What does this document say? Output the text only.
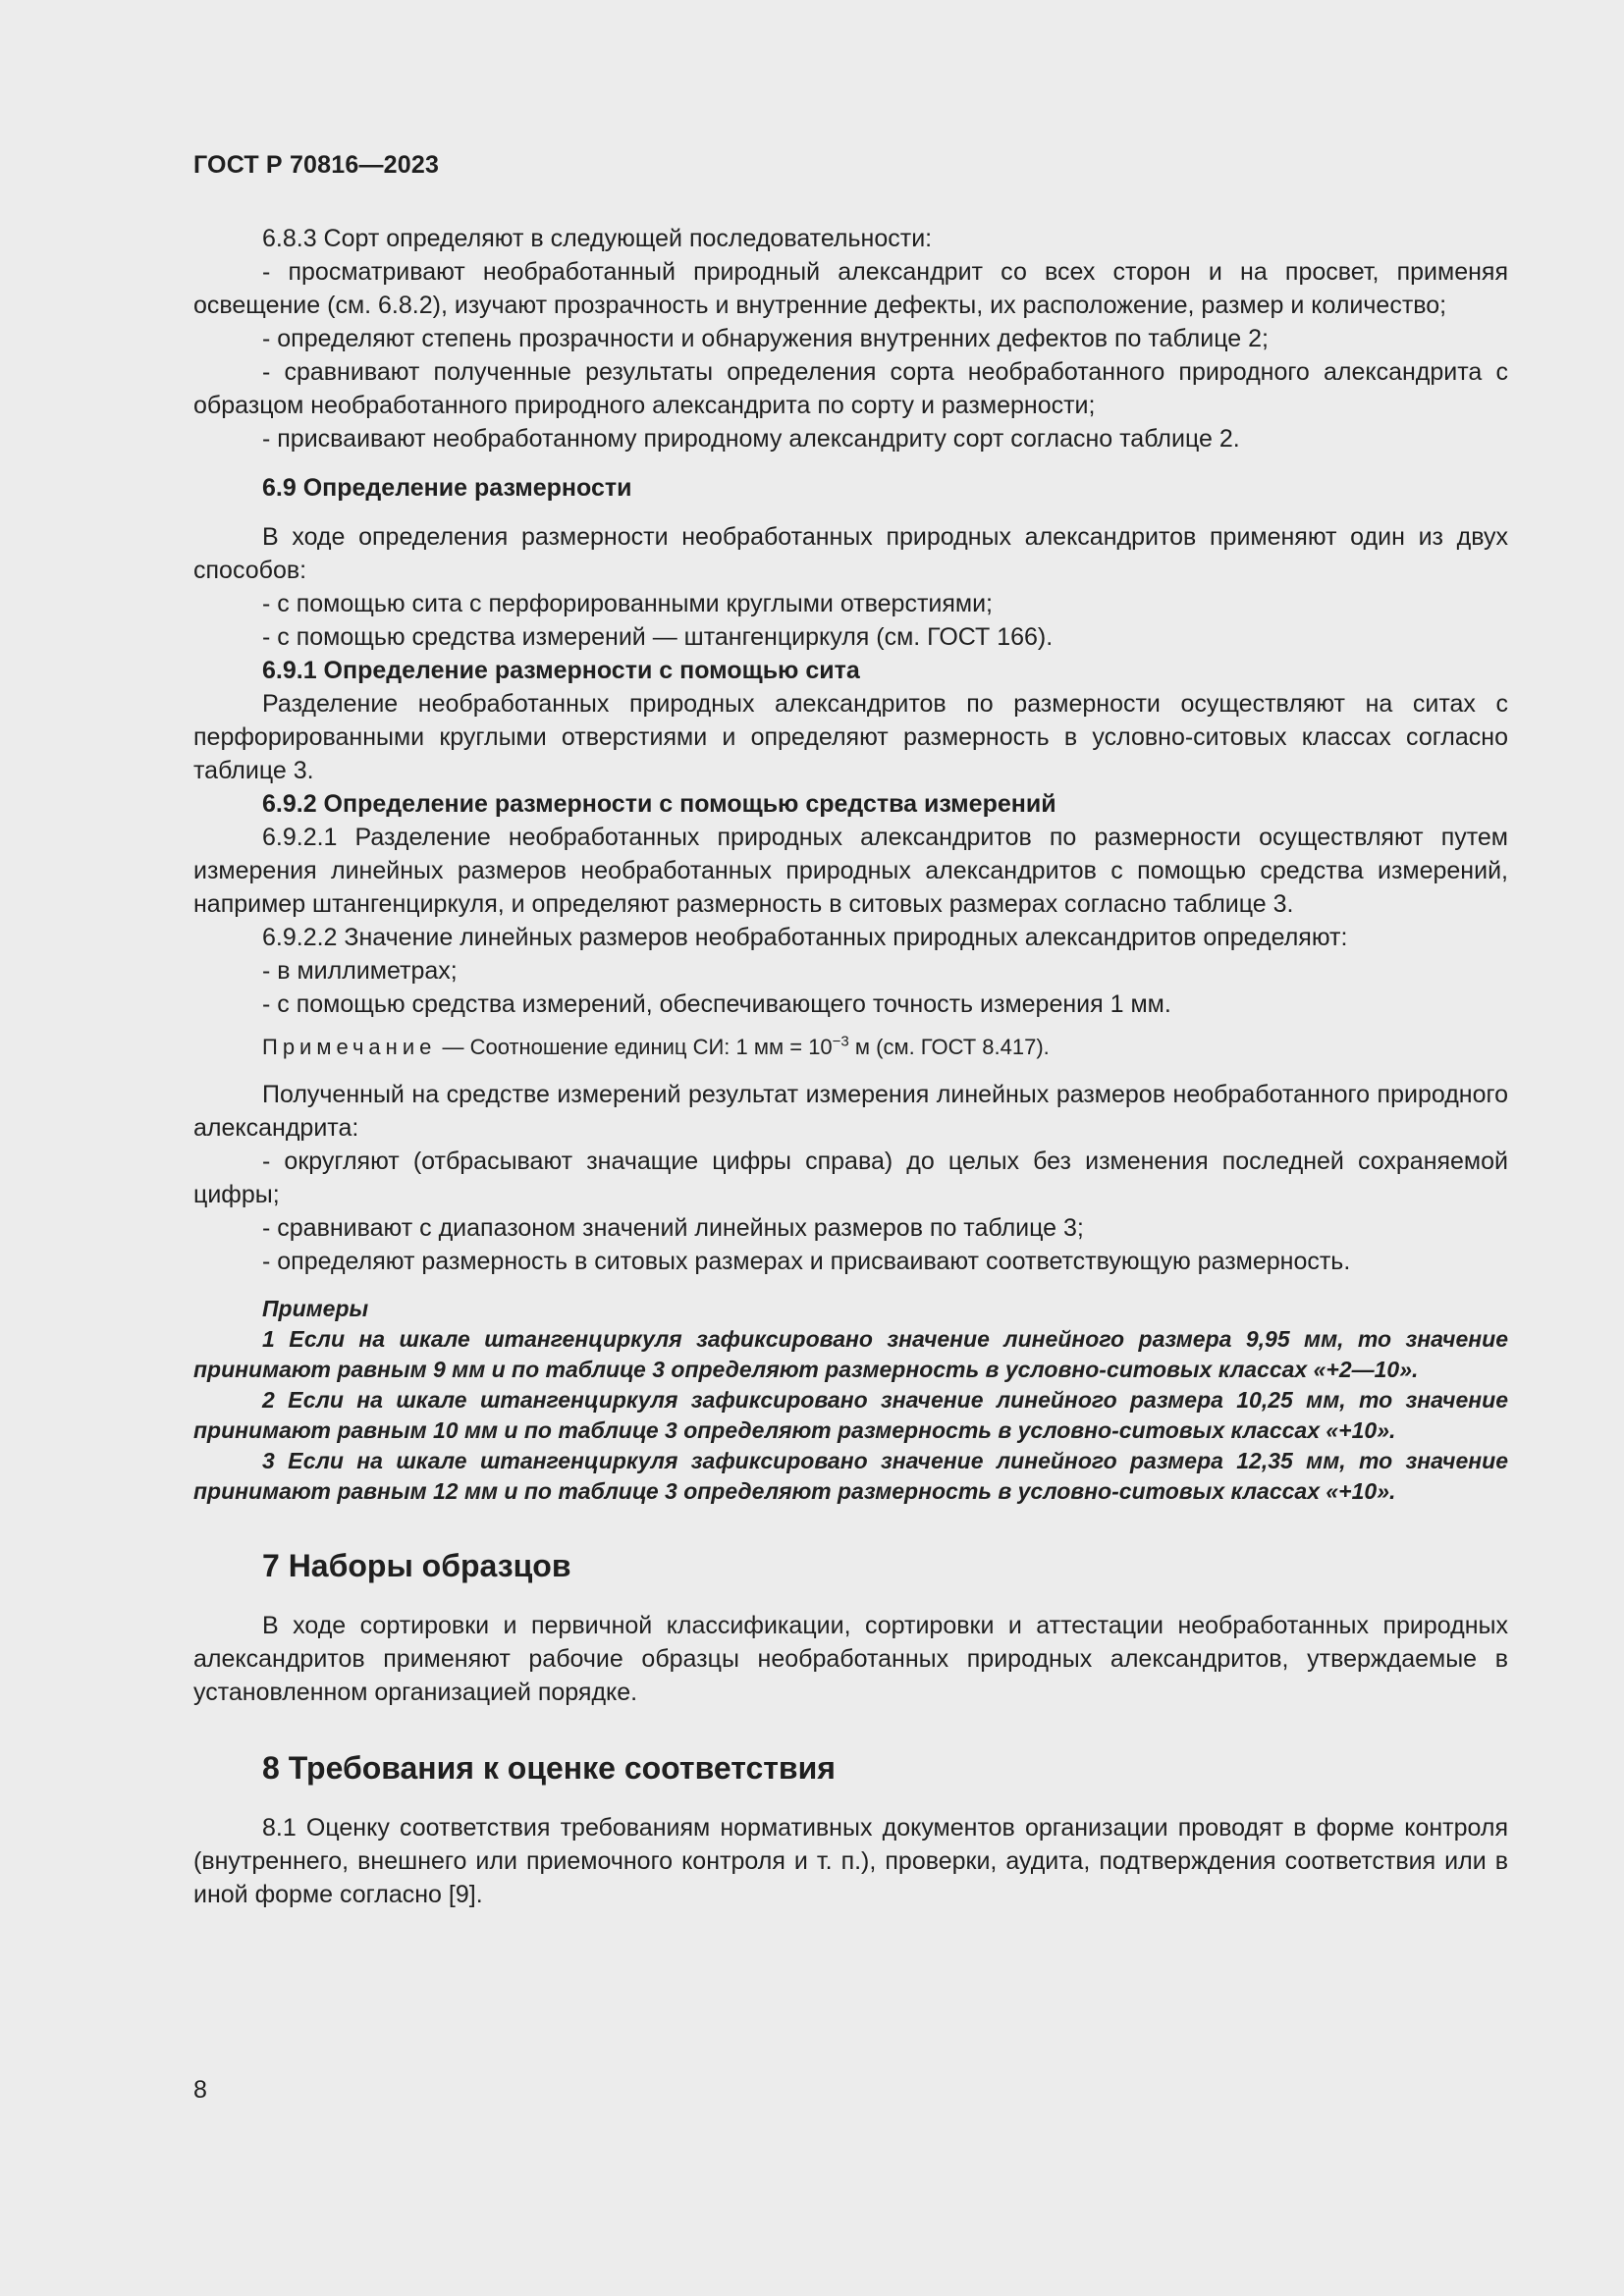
ГОСТ Р 70816—2023

6.8.3 Сорт определяют в следующей последовательности:

- просматривают необработанный природный александрит со всех сторон и на просвет, применяя освещение (см. 6.8.2), изучают прозрачность и внутренние дефекты, их расположение, размер и количество;

- определяют степень прозрачности и обнаружения внутренних дефектов по таблице 2;

- сравнивают полученные результаты определения сорта необработанного природного александрита с образцом необработанного природного александрита по сорту и размерности;

- присваивают необработанному природному александриту сорт согласно таблице 2.

6.9 Определение размерности

В ходе определения размерности необработанных природных александритов применяют один из двух способов:

- с помощью сита с перфорированными круглыми отверстиями;

- с помощью средства измерений — штангенциркуля (см. ГОСТ 166).

6.9.1 Определение размерности с помощью сита

Разделение необработанных природных александритов по размерности осуществляют на ситах с перфорированными круглыми отверстиями и определяют размерность в условно-ситовых классах согласно таблице 3.

6.9.2 Определение размерности с помощью средства измерений

6.9.2.1 Разделение необработанных природных александритов по размерности осуществляют путем измерения линейных размеров необработанных природных александритов с помощью средства измерений, например штангенциркуля, и определяют размерность в ситовых размерах согласно таблице 3.

6.9.2.2 Значение линейных размеров необработанных природных александритов определяют:

- в миллиметрах;

- с помощью средства измерений, обеспечивающего точность измерения 1 мм.

Примечание — Соотношение единиц СИ: 1 мм = $10^{-3}$ м (см. ГОСТ 8.417).

Полученный на средстве измерений результат измерения линейных размеров необработанного природного александрита:

- округляют (отбрасывают значащие цифры справа) до целых без изменения последней сохраняемой цифры;

- сравнивают с диапазоном значений линейных размеров по таблице 3;

- определяют размерность в ситовых размерах и присваивают соответствующую размерность.

Примеры

1 Если на шкале штангенциркуля зафиксировано значение линейного размера 9,95 мм, то значение принимают равным 9 мм и по таблице 3 определяют размерность в условно-ситовых классах «+2—10».

2 Если на шкале штангенциркуля зафиксировано значение линейного размера 10,25 мм, то значение принимают равным 10 мм и по таблице 3 определяют размерность в условно-ситовых классах «+10».

3 Если на шкале штангенциркуля зафиксировано значение линейного размера 12,35 мм, то значение принимают равным 12 мм и по таблице 3 определяют размерность в условно-ситовых классах «+10».

7 Наборы образцов

В ходе сортировки и первичной классификации, сортировки и аттестации необработанных природных александритов применяют рабочие образцы необработанных природных александритов, утверждаемые в установленном организацией порядке.

8 Требования к оценке соответствия

8.1 Оценку соответствия требованиям нормативных документов организации проводят в форме контроля (внутреннего, внешнего или приемочного контроля и т. п.), проверки, аудита, подтверждения соответствия или в иной форме согласно [9].

8
